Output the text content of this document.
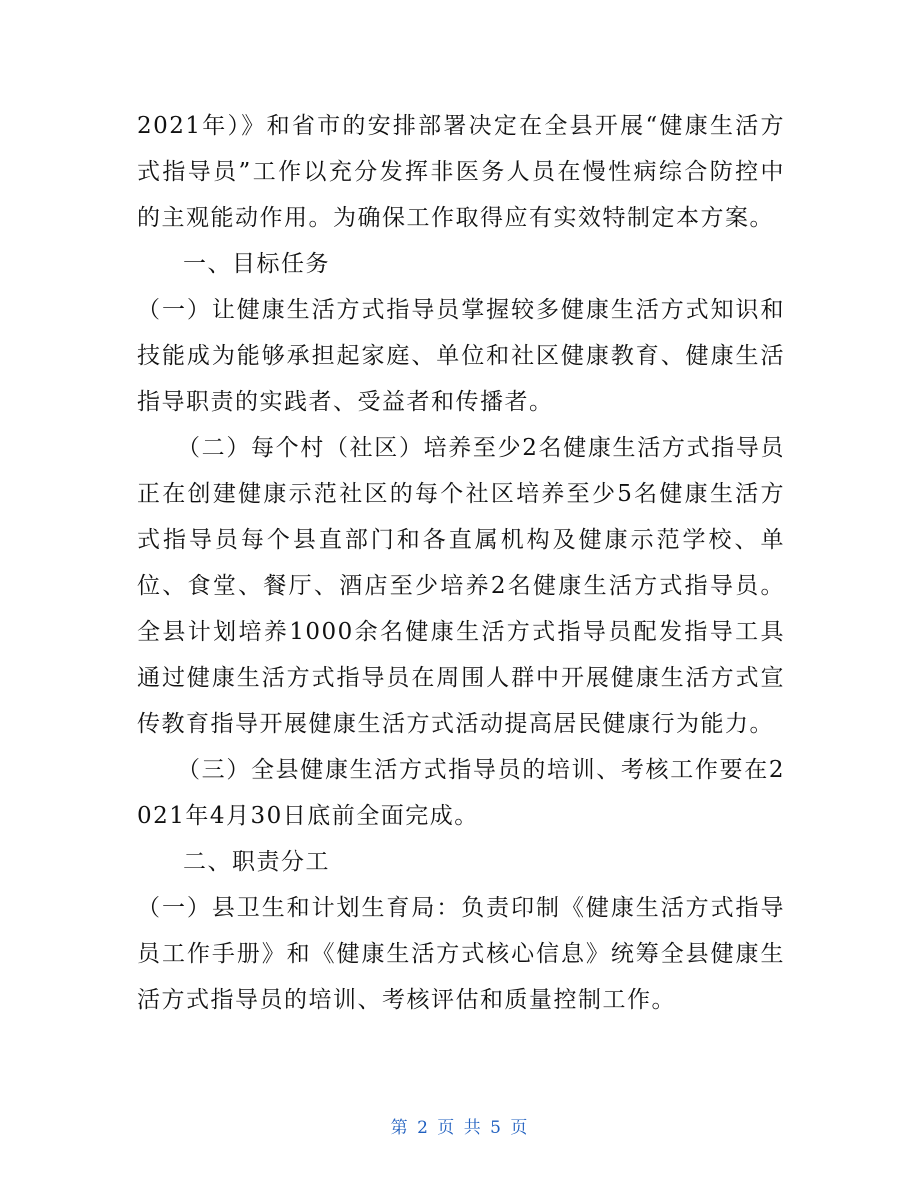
2021年）》和省市的安排部署决定在全县开展“健康生活方式指导员”工作以充分发挥非医务人员在慢性病综合防控中的主观能动作用。为确保工作取得应有实效特制定本方案。

一、目标任务

（一）让健康生活方式指导员掌握较多健康生活方式知识和技能成为能够承担起家庭、单位和社区健康教育、健康生活指导职责的实践者、受益者和传播者。

（二）每个村（社区）培养至少2名健康生活方式指导员正在创建健康示范社区的每个社区培养至少5名健康生活方式指导员每个县直部门和各直属机构及健康示范学校、单位、食堂、餐厅、酒店至少培养2名健康生活方式指导员。全县计划培养1000余名健康生活方式指导员配发指导工具通过健康生活方式指导员在周围人群中开展健康生活方式宣传教育指导开展健康生活方式活动提高居民健康行为能力。

（三）全县健康生活方式指导员的培训、考核工作要在2021年4月30日底前全面完成。

二、职责分工

（一）县卫生和计划生育局：负责印制《健康生活方式指导员工作手册》和《健康生活方式核心信息》统筹全县健康生活方式指导员的培训、考核评估和质量控制工作。

第 2 页 共 5 页
